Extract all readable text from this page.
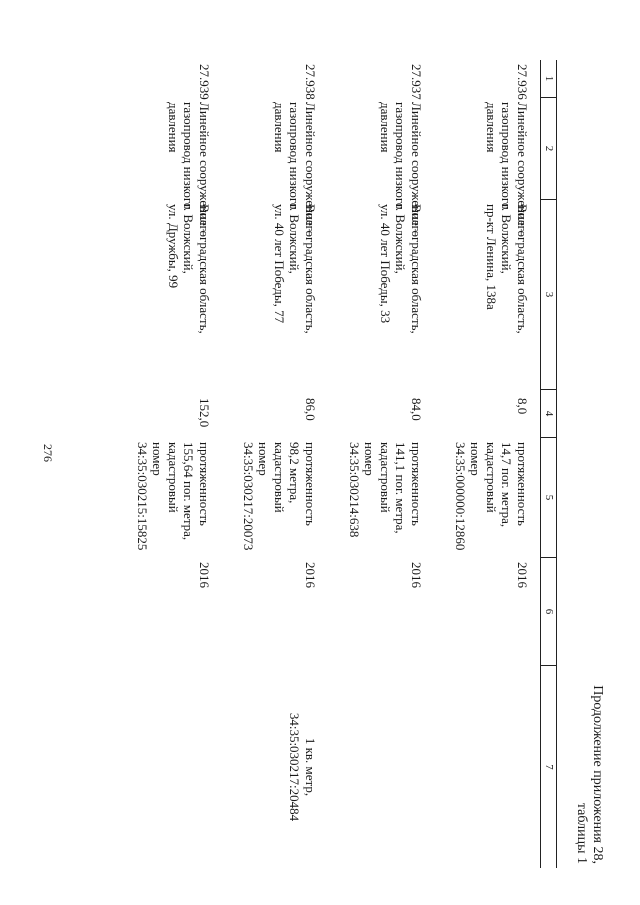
276
Продолжение приложения 28,
таблицы 1
1
2
3
4
5
6
7
27.936
Линейное сооружение –
газопровод низкого
давления
Волгоградская область,
г. Волжский,
пр-кт Ленина, 138а
8,0
протяженность
14,7 пог. метра,
кадастровый
номер
34:35:000000:12860
2016
27.937
Линейное сооружение –
газопровод низкого
давления
Волгоградская область,
г. Волжский,
ул. 40 лет Победы, 33
84,0
протяженность
141,1 пог. метра,
кадастровый
номер
34:35:030214:638
2016
27.938
Линейное сооружение –
газопровод низкого
давления
Волгоградская область,
г. Волжский,
ул. 40 лет Победы, 77
86,0
протяженность
98,2 метра,
кадастровый
номер
34:35:030217:20073
2016
1 кв. метр,
34:35:030217:20484
27.939
Линейное сооружение –
газопровод низкого
давления
Волгоградская область,
г. Волжский,
ул. Дружбы, 99
152,0
протяженность
155,64 пог. метра,
кадастровый
номер
34:35:030215:15825
2016
